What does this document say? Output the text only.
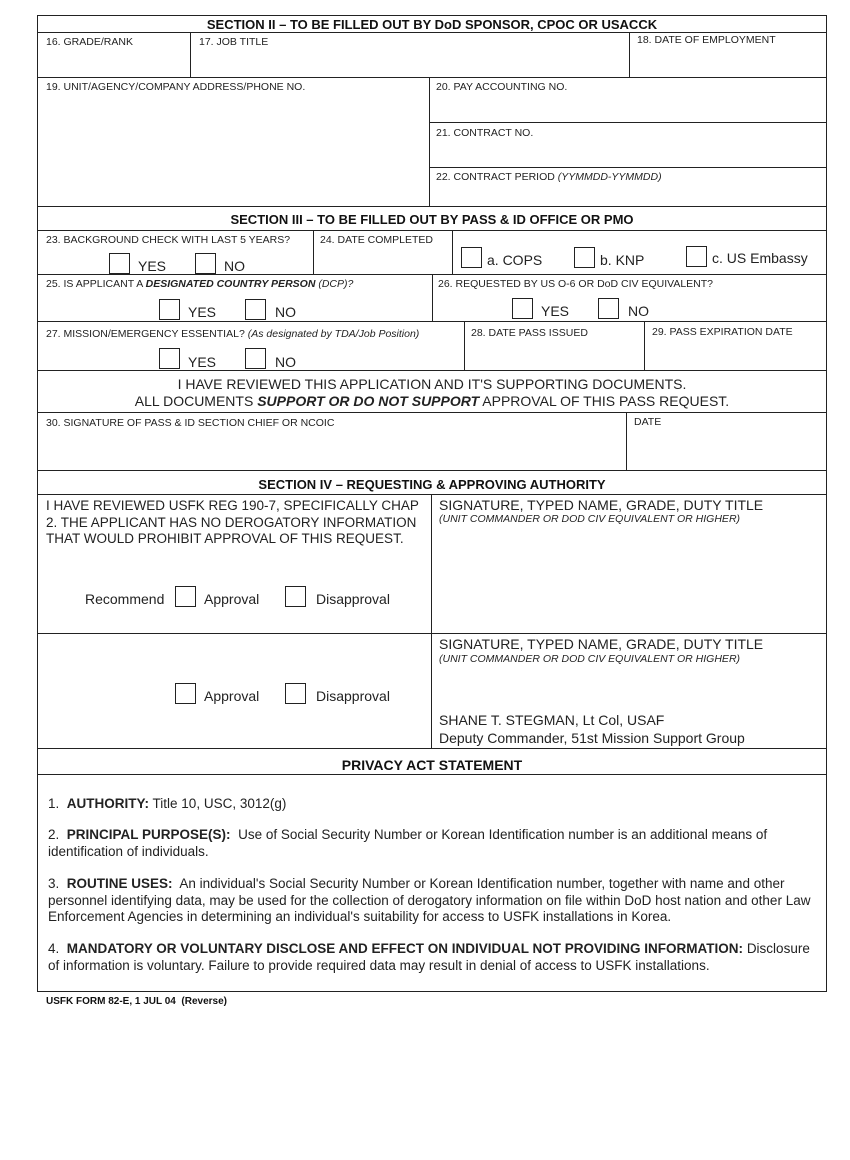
SECTION II – TO BE FILLED OUT BY DoD SPONSOR, CPOC OR USACCK
16. GRADE/RANK	17. JOB TITLE	18. DATE OF EMPLOYMENT
19. UNIT/AGENCY/COMPANY ADDRESS/PHONE NO.	20. PAY ACCOUNTING NO.
21. CONTRACT NO.
22. CONTRACT PERIOD (YYMMDD-YYMMDD)
SECTION III – TO BE FILLED OUT BY PASS & ID OFFICE OR PMO
23. BACKGROUND CHECK WITH LAST 5 YEARS?
YES	NO
24. DATE COMPLETED
a. COPS	b. KNP	c. US Embassy
25. IS APPLICANT A DESIGNATED COUNTRY PERSON (DCP)?
YES	NO
26. REQUESTED BY US O-6 OR DoD CIV EQUIVALENT?
YES	NO
27. MISSION/EMERGENCY ESSENTIAL? (As designated by TDA/Job Position)
YES	NO
28. DATE PASS ISSUED	29. PASS EXPIRATION DATE
I HAVE REVIEWED THIS APPLICATION AND IT'S SUPPORTING DOCUMENTS.
ALL DOCUMENTS SUPPORT OR DO NOT SUPPORT APPROVAL OF THIS PASS REQUEST.
30. SIGNATURE OF PASS & ID SECTION CHIEF OR NCOIC	DATE
SECTION IV – REQUESTING & APPROVING AUTHORITY
I HAVE REVIEWED USFK REG 190-7, SPECIFICALLY CHAP 2. THE APPLICANT HAS NO DEROGATORY INFORMATION THAT WOULD PROHIBIT APPROVAL OF THIS REQUEST.
Recommend	Approval	Disapproval
SIGNATURE, TYPED NAME, GRADE, DUTY TITLE
(UNIT COMMANDER OR DOD CIV EQUIVALENT OR HIGHER)
Approval	Disapproval
SIGNATURE, TYPED NAME, GRADE, DUTY TITLE
(UNIT COMMANDER OR DOD CIV EQUIVALENT OR HIGHER)
SHANE T. STEGMAN, Lt Col, USAF
Deputy Commander, 51st Mission Support Group
PRIVACY ACT STATEMENT
1. AUTHORITY: Title 10, USC, 3012(g)
2. PRINCIPAL PURPOSE(S): Use of Social Security Number or Korean Identification number is an additional means of identification of individuals.
3. ROUTINE USES: An individual's Social Security Number or Korean Identification number, together with name and other personnel identifying data, may be used for the collection of derogatory information on file within DoD host nation and other Law Enforcement Agencies in determining an individual's suitability for access to USFK installations in Korea.
4. MANDATORY OR VOLUNTARY DISCLOSE AND EFFECT ON INDIVIDUAL NOT PROVIDING INFORMATION: Disclosure of information is voluntary. Failure to provide required data may result in denial of access to USFK installations.
USFK FORM 82-E, 1 JUL 04  (Reverse)
